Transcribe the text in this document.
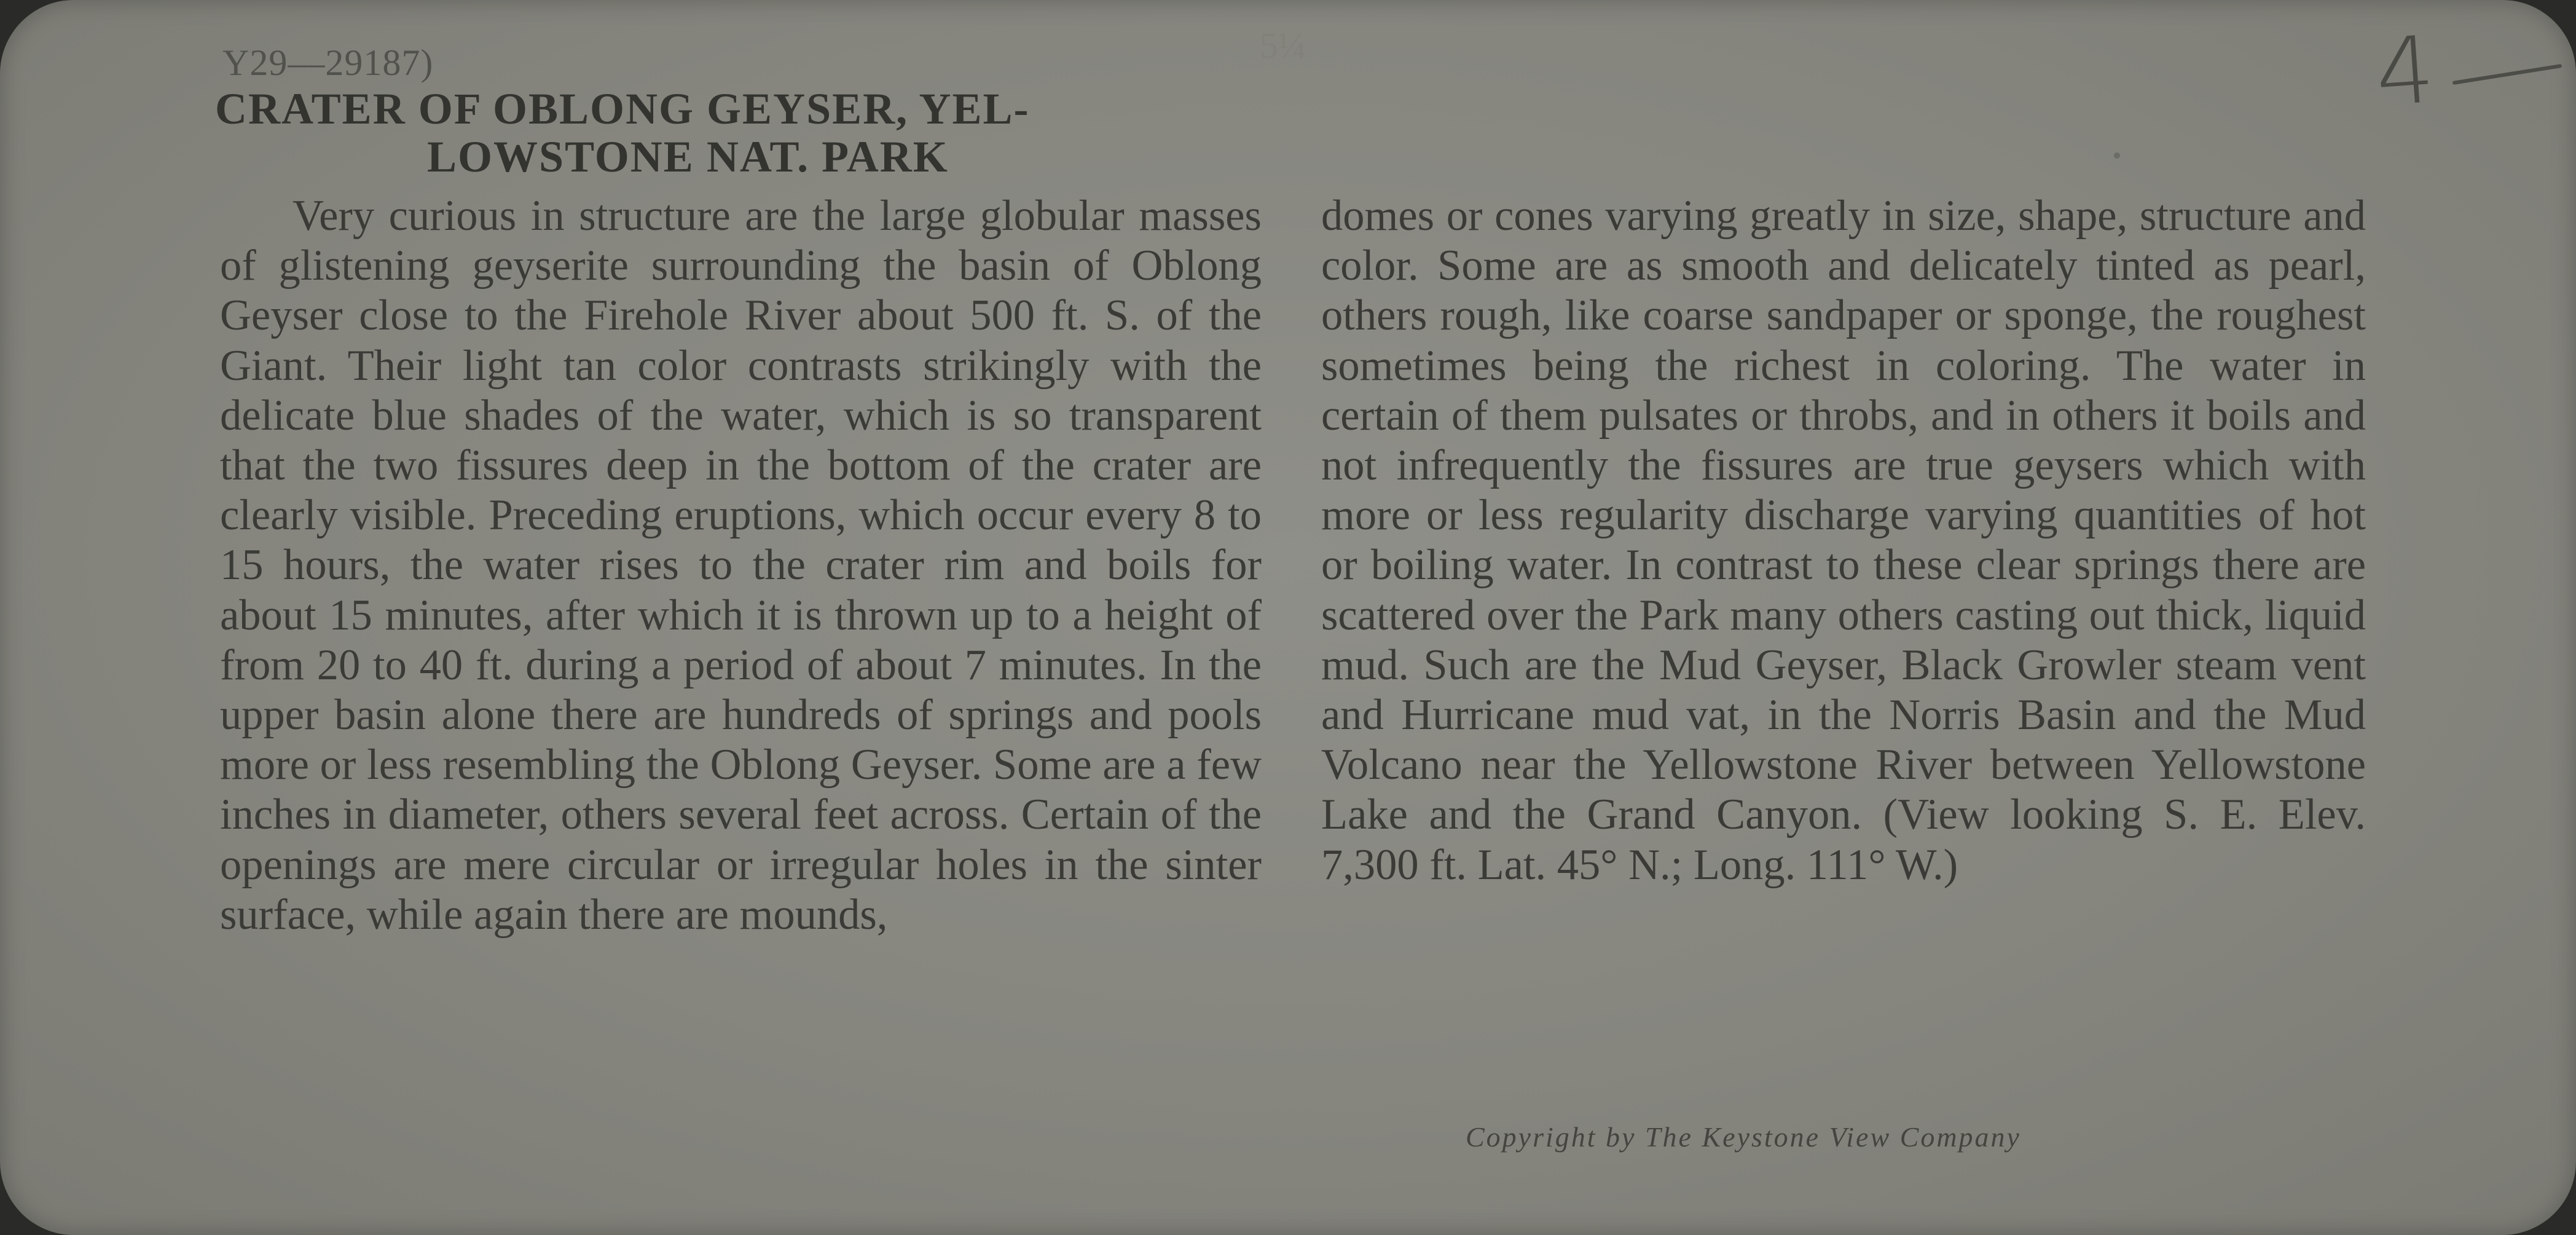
5¼	4
Y29—29187)
CRATER OF OBLONG GEYSER, YEL-
LOWSTONE NAT. PARK
Very curious in structure are the large globular masses of glistening geyserite surrounding the basin of Oblong Geyser close to the Firehole River about 500 ft. S. of the Giant. Their light tan color contrasts strikingly with the delicate blue shades of the water, which is so transparent that the two fissures deep in the bottom of the crater are clearly visible. Preceding eruptions, which occur every 8 to 15 hours, the water rises to the crater rim and boils for about 15 minutes, after which it is thrown up to a height of from 20 to 40 ft. during a period of about 7 minutes. In the upper basin alone there are hundreds of springs and pools more or less resembling the Oblong Geyser. Some are a few inches in diameter, others several feet across. Certain of the openings are mere circular or irregular holes in the sinter surface, while again there are mounds,
domes or cones varying greatly in size, shape, structure and color. Some are as smooth and delicately tinted as pearl, others rough, like coarse sandpaper or sponge, the roughest sometimes being the richest in coloring. The water in certain of them pulsates or throbs, and in others it boils and not infrequently the fissures are true geysers which with more or less regularity discharge varying quantities of hot or boiling water. In contrast to these clear springs there are scattered over the Park many others casting out thick, liquid mud. Such are the Mud Geyser, Black Growler steam vent and Hurricane mud vat, in the Norris Basin and the Mud Volcano near the Yellowstone River between Yellowstone Lake and the Grand Canyon. (View looking S. E. Elev. 7,300 ft. Lat. 45° N.; Long. 111° W.)
Copyright by The Keystone View Company
